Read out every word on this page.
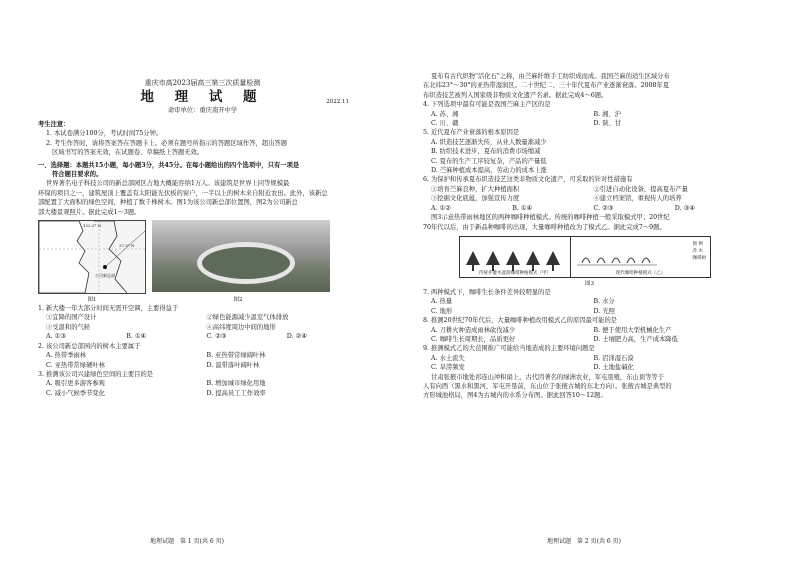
重庆市高2023届高三第三次质量检测
地 理 试 题	2022.11
命审单位：重庆南开中学
考生注意：
1. 本试卷满分100分，考试时间75分钟。
2. 考生作答时，请将答案答在答题卡上。必须在题号所指示的答题区域作答，超出答题
区域书写的答案无效，在试题卷、草稿纸上答题无效。
一、选择题：本题共15小题，每小题3分，共45分。在每小题给出的四个选项中，只有一项是
符合题目要求的。
世界著名电子科技公司的新总部园区占地大概能容纳1万人。该建筑是世界上同等规模最
环保的项目之一，建筑屋顶上覆盖有太阳能光伏板的窗户，一半以上的树木来自附近农田。此外，该新总
部配置了大面积的绿色空间，种植了数千株树木。图1为该公司新总部位置图，图2为公司新总
部大楼景观照片。据此完成1～3题。
122.3° N
37.5° N
公司新总部
图1	图2
1. 新大楼一年大部分时间无需开空调，主要得益于
①宜降的国产设计	②绿色能源减少温室气体排放
③受温和的气候	④高纬度周边中间的地形
A. ①③	B. ①④	C. ②③	D. ②④
2. 该公司新总部园内的树木主要属于
A. 热带季雨林	B. 亚热带常绿阔叶林
C. 亚热带常绿硬叶林	D. 温带落叶阔叶林
3. 推测该公司兴建绿色空间的主要目的是
A. 吸引更多游客参观	B. 增加城市绿化用地
C. 减小气候季节变化	D. 提高员工工作效率
地理试题　第 1 页(共 6 页)
夏布有古代织物"活化石"之称，由苎麻纤维手工纺织成而成。我国苎麻的适生区域分布
在北纬23°～30°的亚热带湿润区。二十世纪二、三十年代夏布产业逐渐衰落。2008年夏
布织造技艺被列入国家级非物质文化遗产名录。据此完成4～6题。
4. 下列选项中最有可能是我国苎麻主产区的是
A. 苏、湘	B. 湘、沪
C. 川、赣	D. 陕、甘
5. 近代夏布产业衰落的根本原因是
A. 织造技艺逐渐失传，从业人数量渐减少
B. 纺织技术进步，夏布的消费市场缩减
C. 夏布的生产工序较复杂，产品的产量低
D. 苎麻种植成本提高，劳动力的成本上涨
6. 为保护和传承夏布织造技艺这类非物质文化遗产，可采取的针对性措施有
①培育苎麻良种，扩大种植面积	②引进自动化设备，提高夏布产量
③挖掘文化底蕴，加强宣传力度	④建立档案馆，重视传人的培养
A. ①②	B. ①④	C. ②③	D. ③④
图3示意热带雨林地区的两种咖啡种植模式。传统的咖啡种植一般采取模式甲；20世纪
70年代以后，由于新品种咖啡的出现，大量咖啡种植改为了模式乙。据此完成7～9题。
传统乔灌木遮荫咖啡种植模式（甲）
图 例
乔 木
咖啡树
现代咖啡种植模式（乙）
图3
7. 两种模式下，咖啡生长条件差异较明显的是
A. 热量	B. 水分
C. 地形	D. 光照
8. 推测20世纪70年代后，大量咖啡种植改用模式乙的原因最可能的是
A. 刀耕火种造成雨林砍伐减少	B. 便于使用大型机械化生产
C. 咖啡生长周期长，品质更好	D. 土壤肥力高，生产成本降低
9. 推测模式乙的大范围推广可能给当地造成的主要环境问题是
A. 水土流失	B. 沼泽湿石漠
C. 旱涝频发	D. 土地盐碱化
甘肃张掖市地处祁连山冲积扇上，古代因著名的绿洲农业，军屯垦殖，东山顶等等于
人有向西（黑水和黑河，军屯开垦前，东山位于张掖古城的东北方向）。张掖古城是典型的
方形城池格局，图4为古城内的水系分布图。据此回答10～12题。
地理试题　第 2 页(共 6 页)
